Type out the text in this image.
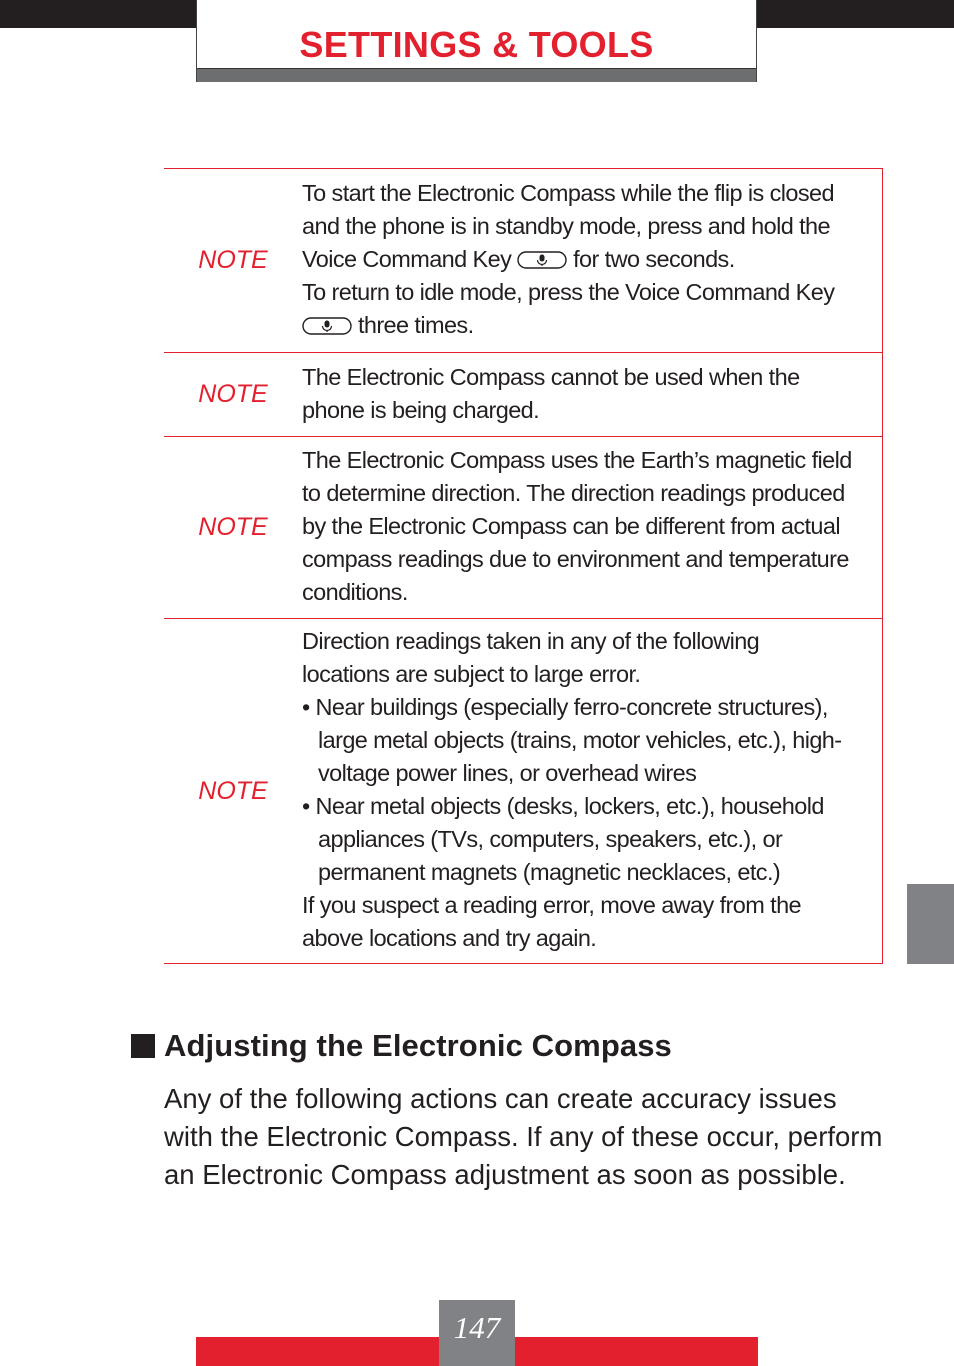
SETTINGS & TOOLS
NOTE

To start the Electronic Compass while the flip is closed

and the phone is in standby mode, press and hold the

Voice Command Key	for two seconds.

To return to idle mode, press the Voice Command Key

three times.

NOTE

The Electronic Compass cannot be used when the phone is being charged.

NOTE

The Electronic Compass uses the Earth’s magnetic field to determine direction. The direction readings produced by the Electronic Compass can be different from actual compass readings due to environment and temperature conditions.

NOTE

Direction readings taken in any of the following locations are subject to large error.

• Near buildings (especially ferro-concrete structures), large metal objects (trains, motor vehicles, etc.), high-voltage power lines, or overhead wires

• Near metal objects (desks, lockers, etc.), household appliances (TVs, computers, speakers, etc.), or permanent magnets (magnetic necklaces, etc.)

If you suspect a reading error, move away from the above locations and try again.

Adjusting the Electronic Compass
Any of the following actions can create accuracy issues with the Electronic Compass. If any of these occur, perform an Electronic Compass adjustment as soon as possible.
147
